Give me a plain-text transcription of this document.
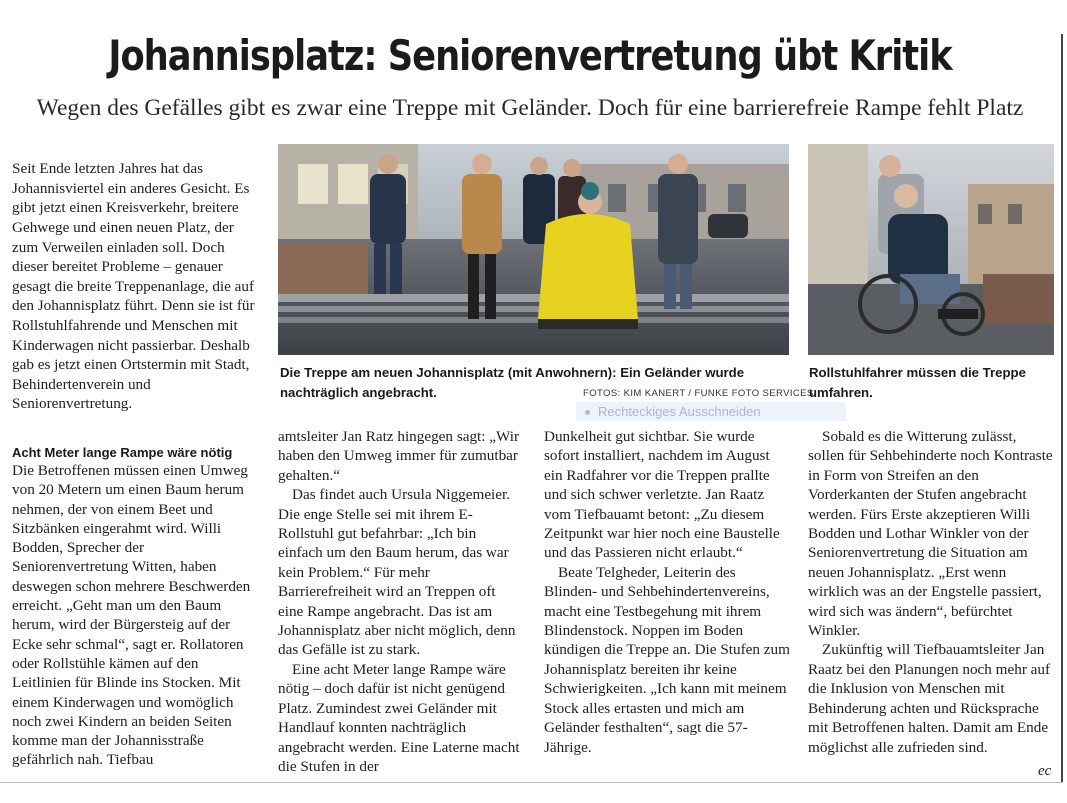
Johannisplatz: Seniorenvertretung übt Kritik
Wegen des Gefälles gibt es zwar eine Treppe mit Geländer. Doch für eine barrierefreie Rampe fehlt Platz

Seit Ende letzten Jahres hat das Johannisviertel ein anderes Gesicht. Es gibt jetzt einen Kreisverkehr, breitere Gehwege und einen neuen Platz, der zum Verweilen einladen soll. Doch dieser bereitet Probleme – genauer gesagt die breite Treppenanlage, die auf den Johannisplatz führt. Denn sie ist für Rollstuhlfahrende und Menschen mit Kinderwagen nicht passierbar. Deshalb gab es jetzt einen Ortstermin mit Stadt, Behindertenverein und Seniorenvertretung.

Acht Meter lange Rampe wäre nötig

Die Betroffenen müssen einen Umweg von 20 Metern um einen Baum herum nehmen, der von einem Beet und Sitzbänken eingerahmt wird. Willi Bodden, Sprecher der Seniorenvertretung Witten, haben deswegen schon mehrere Beschwerden erreicht. „Geht man um den Baum herum, wird der Bürgersteig auf der Ecke sehr schmal“, sagt er. Rollatoren oder Rollstühle kämen auf den Leitlinien für Blinde ins Stocken. Mit einem Kinderwagen und womöglich noch zwei Kindern an beiden Seiten komme man der Johannisstraße gefährlich nah. Tiefbau

Die Treppe am neuen Johannisplatz (mit Anwohnern): Ein Geländer wurde nachträglich angebracht.	FOTOS: KIM KANERT / FUNKE FOTO SERVICES
Rollstuhlfahrer müssen die Treppe umfahren.
Rechteckiges Ausschneiden

amtsleiter Jan Ratz hingegen sagt: „Wir haben den Umweg immer für zumutbar gehalten.“

Das findet auch Ursula Niggemeier. Die enge Stelle sei mit ihrem E-Rollstuhl gut befahrbar: „Ich bin einfach um den Baum herum, das war kein Problem.“ Für mehr Barrierefreiheit wird an Treppen oft eine Rampe angebracht. Das ist am Johannisplatz aber nicht möglich, denn das Gefälle ist zu stark.

Eine acht Meter lange Rampe wäre nötig – doch dafür ist nicht genügend Platz. Zumindest zwei Geländer mit Handlauf konnten nachträglich angebracht werden. Eine Laterne macht die Stufen in der

Dunkelheit gut sichtbar. Sie wurde sofort installiert, nachdem im August ein Radfahrer vor die Treppen prallte und sich schwer verletzte. Jan Raatz vom Tiefbauamt betont: „Zu diesem Zeitpunkt war hier noch eine Baustelle und das Passieren nicht erlaubt.“

Beate Telgheder, Leiterin des Blinden- und Sehbehindertenvereins, macht eine Testbegehung mit ihrem Blindenstock. Noppen im Boden kündigen die Treppe an. Die Stufen zum Johannisplatz bereiten ihr keine Schwierigkeiten. „Ich kann mit meinem Stock alles ertasten und mich am Geländer festhalten“, sagt die 57-Jährige.

Sobald es die Witterung zulässt, sollen für Sehbehinderte noch Kontraste in Form von Streifen an den Vorderkanten der Stufen angebracht werden. Fürs Erste akzeptieren Willi Bodden und Lothar Winkler von der Seniorenvertretung die Situation am neuen Johannisplatz. „Erst wenn wirklich was an der Engstelle passiert, wird sich was ändern“, befürchtet Winkler.

Zukünftig will Tiefbauamtsleiter Jan Raatz bei den Planungen noch mehr auf die Inklusion von Menschen mit Behinderung achten und Rücksprache mit Betroffenen halten. Damit am Ende möglichst alle zufrieden sind.

ec
